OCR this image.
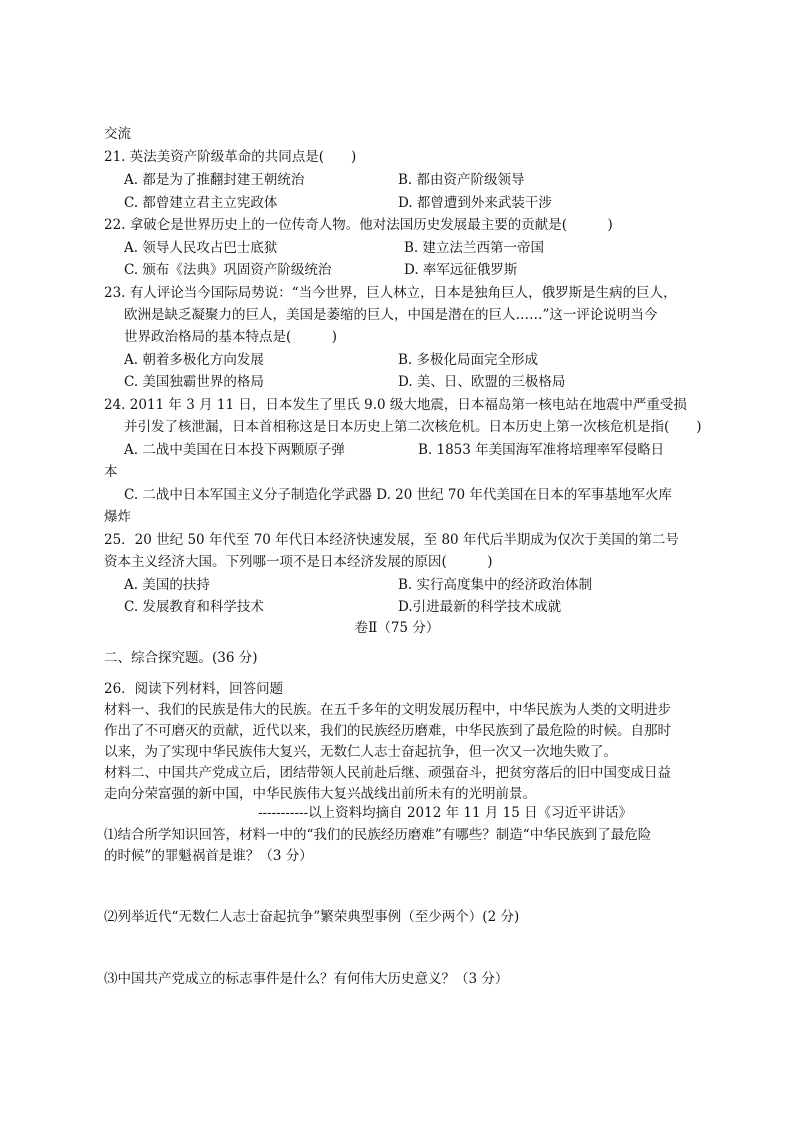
交流
21. 英法美资产阶级革命的共同点是(　　)
A. 都是为了推翻封建王朝统治	B. 都由资产阶级领导
C. 都曾建立君主立宪政体	D. 都曾遭到外来武装干涉
22. 拿破仑是世界历史上的一位传奇人物。他对法国历史发展最主要的贡献是(　　　)
A. 领导人民攻占巴士底狱	B. 建立法兰西第一帝国
C. 颁布《法典》巩固资产阶级统治	D. 率军远征俄罗斯
23. 有人评论当今国际局势说：“当今世界，巨人林立，日本是独角巨人，俄罗斯是生病的巨人，
欧洲是缺乏凝聚力的巨人，美国是萎缩的巨人，中国是潜在的巨人……”这一评论说明当今
世界政治格局的基本特点是(　　　)
A. 朝着多极化方向发展	B. 多极化局面完全形成
C. 美国独霸世界的格局	D. 美、日、欧盟的三极格局
24. 2011 年 3 月 11 日，日本发生了里氏 9.0 级大地震，日本福岛第一核电站在地震中严重受损
并引发了核泄漏，日本首相称这是日本历史上第二次核危机。日本历史上第一次核危机是指(　　)
A. 二战中美国在日本投下两颗原子弹	B. 1853 年美国海军准将培理率军侵略日
本
C. 二战中日本军国主义分子制造化学武器 D. 20 世纪 70 年代美国在日本的军事基地军火库
爆炸
25．20 世纪 50 年代至 70 年代日本经济快速发展，至 80 年代后半期成为仅次于美国的第二号
资本主义经济大国。下列哪一项不是日本经济发展的原因(　　　)
A. 美国的扶持	B. 实行高度集中的经济政治体制
C. 发展教育和科学技术	D.引进最新的科学技术成就
卷Ⅱ（75 分）
二、综合探究题。(36 分)
26．阅读下列材料，回答问题
材料一、我们的民族是伟大的民族。在五千多年的文明发展历程中，中华民族为人类的文明进步
作出了不可磨灭的贡献，近代以来，我们的民族经历磨难，中华民族到了最危险的时候。自那时
以来，为了实现中华民族伟大复兴，无数仁人志士奋起抗争，但一次又一次地失败了。
材料二、中国共产党成立后，团结带领人民前赴后继、顽强奋斗，把贫穷落后的旧中国变成日益
走向分荣富强的新中国，中华民族伟大复兴战线出前所未有的光明前景。
-----------以上资料均摘自 2012 年 11 月 15 日《习近平讲话》
⑴结合所学知识回答，材料一中的“我们的民族经历磨难”有哪些？制造“中华民族到了最危险
的时候”的罪魁祸首是谁？（3 分）
⑵列举近代“无数仁人志士奋起抗争”繁荣典型事例（至少两个）(2 分)
⑶中国共产党成立的标志事件是什么？有何伟大历史意义？（3 分）
